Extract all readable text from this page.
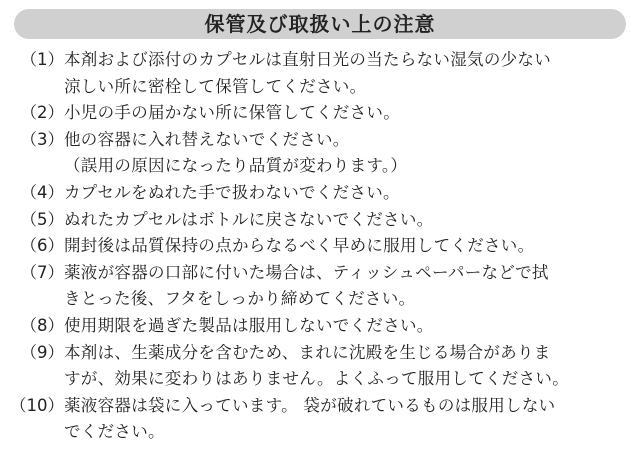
保管及び取扱い上の注意
（1） 本剤および添付のカプセルは直射日光の当たらない湿気の少ない
涼しい所に密栓して保管してください。
（2） 小児の手の届かない所に保管してください。
（3） 他の容器に入れ替えないでください。
（誤用の原因になったり品質が変わります。）
（4） カプセルをぬれた手で扱わないでください。
（5） ぬれたカプセルはボトルに戻さないでください。
（6） 開封後は品質保持の点からなるべく早めに服用してください。
（7） 薬液が容器の口部に付いた場合は、ティッシュペーパーなどで拭
きとった後、フタをしっかり締めてください。
（8） 使用期限を過ぎた製品は服用しないでください。
（9） 本剤は、生薬成分を含むため、まれに沈殿を生じる場合がありま
すが、効果に変わりはありません。よくふって服用してください。
（10） 薬液容器は袋に入っています。 袋が破れているものは服用しない
でください。
